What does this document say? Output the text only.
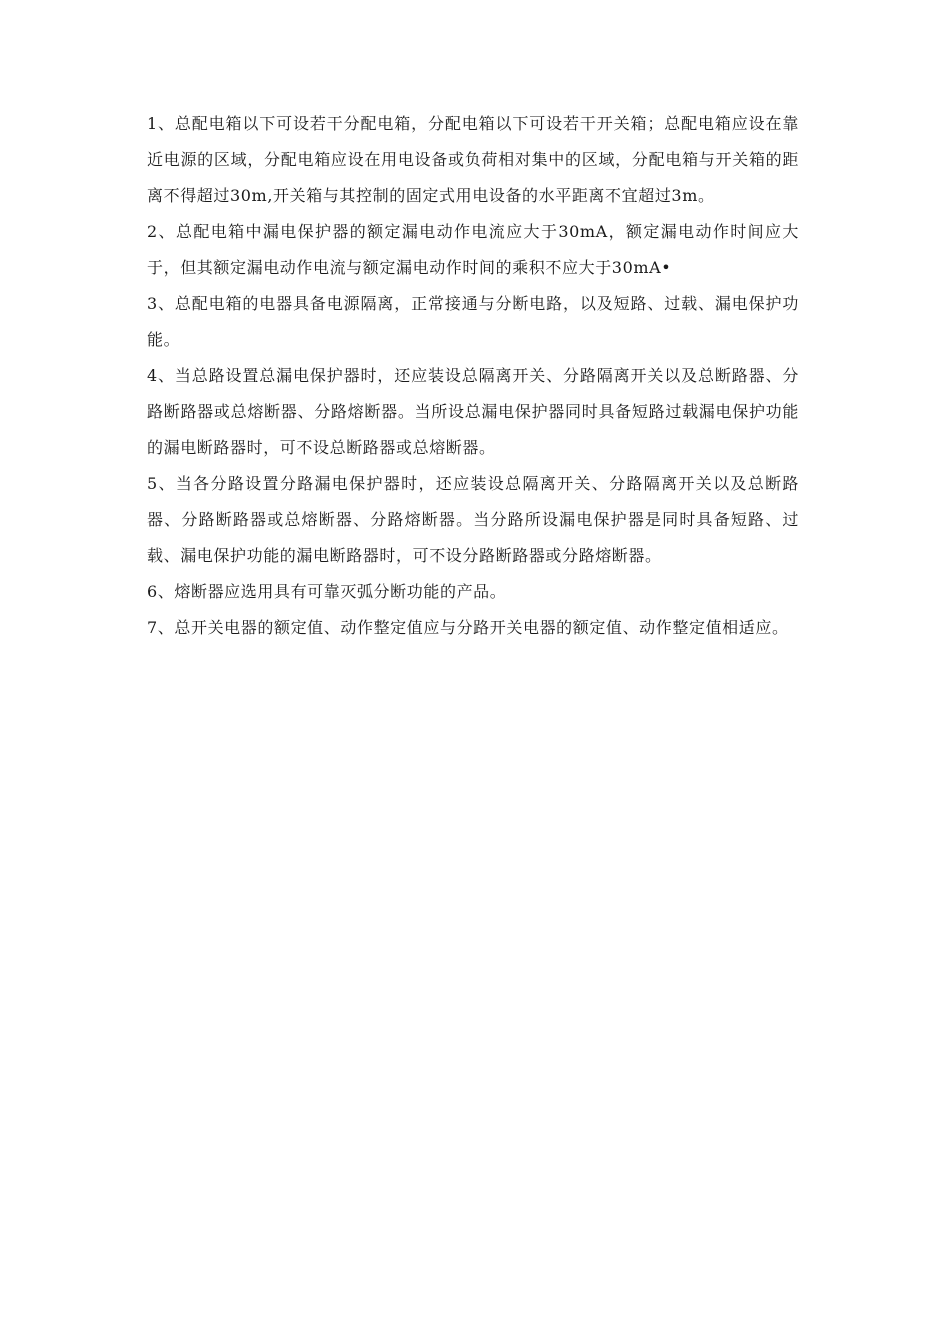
1、总配电箱以下可设若干分配电箱，分配电箱以下可设若干开关箱；总配电箱应设在靠近电源的区域，分配电箱应设在用电设备或负荷相对集中的区域，分配电箱与开关箱的距离不得超过30m,开关箱与其控制的固定式用电设备的水平距离不宜超过3m。

2、总配电箱中漏电保护器的额定漏电动作电流应大于30mA，额定漏电动作时间应大于，但其额定漏电动作电流与额定漏电动作时间的乘积不应大于30mA•

3、总配电箱的电器具备电源隔离，正常接通与分断电路，以及短路、过载、漏电保护功能。

4、当总路设置总漏电保护器时，还应装设总隔离开关、分路隔离开关以及总断路器、分路断路器或总熔断器、分路熔断器。当所设总漏电保护器同时具备短路过载漏电保护功能的漏电断路器时，可不设总断路器或总熔断器。

5、当各分路设置分路漏电保护器时，还应装设总隔离开关、分路隔离开关以及总断路器、分路断路器或总熔断器、分路熔断器。当分路所设漏电保护器是同时具备短路、过载、漏电保护功能的漏电断路器时，可不设分路断路器或分路熔断器。

6、熔断器应选用具有可靠灭弧分断功能的产品。

7、总开关电器的额定值、动作整定值应与分路开关电器的额定值、动作整定值相适应。
